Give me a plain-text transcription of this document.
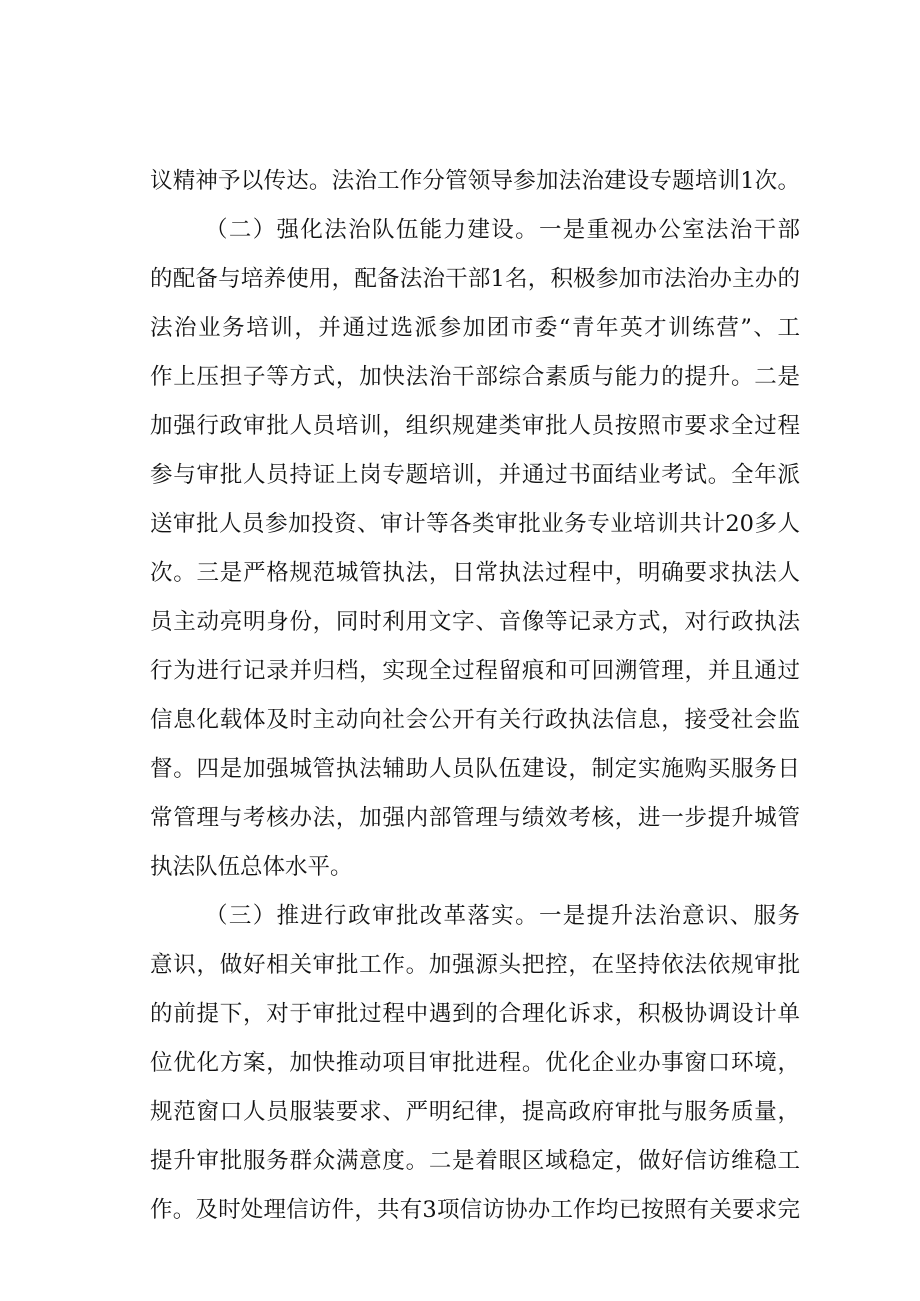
议精神予以传达。法治工作分管领导参加法治建设专题培训1次。
（二）强化法治队伍能力建设。一是重视办公室法治干部
的配备与培养使用，配备法治干部1名，积极参加市法治办主办的
法治业务培训，并通过选派参加团市委“青年英才训练营”、工
作上压担子等方式，加快法治干部综合素质与能力的提升。二是
加强行政审批人员培训，组织规建类审批人员按照市要求全过程
参与审批人员持证上岗专题培训，并通过书面结业考试。全年派
送审批人员参加投资、审计等各类审批业务专业培训共计20多人
次。三是严格规范城管执法，日常执法过程中，明确要求执法人
员主动亮明身份，同时利用文字、音像等记录方式，对行政执法
行为进行记录并归档，实现全过程留痕和可回溯管理，并且通过
信息化载体及时主动向社会公开有关行政执法信息，接受社会监
督。四是加强城管执法辅助人员队伍建设，制定实施购买服务日
常管理与考核办法，加强内部管理与绩效考核，进一步提升城管
执法队伍总体水平。
（三）推进行政审批改革落实。一是提升法治意识、服务
意识，做好相关审批工作。加强源头把控，在坚持依法依规审批
的前提下，对于审批过程中遇到的合理化诉求，积极协调设计单
位优化方案，加快推动项目审批进程。优化企业办事窗口环境，
规范窗口人员服装要求、严明纪律，提高政府审批与服务质量，
提升审批服务群众满意度。二是着眼区域稳定，做好信访维稳工
作。及时处理信访件，共有3项信访协办工作均已按照有关要求完
